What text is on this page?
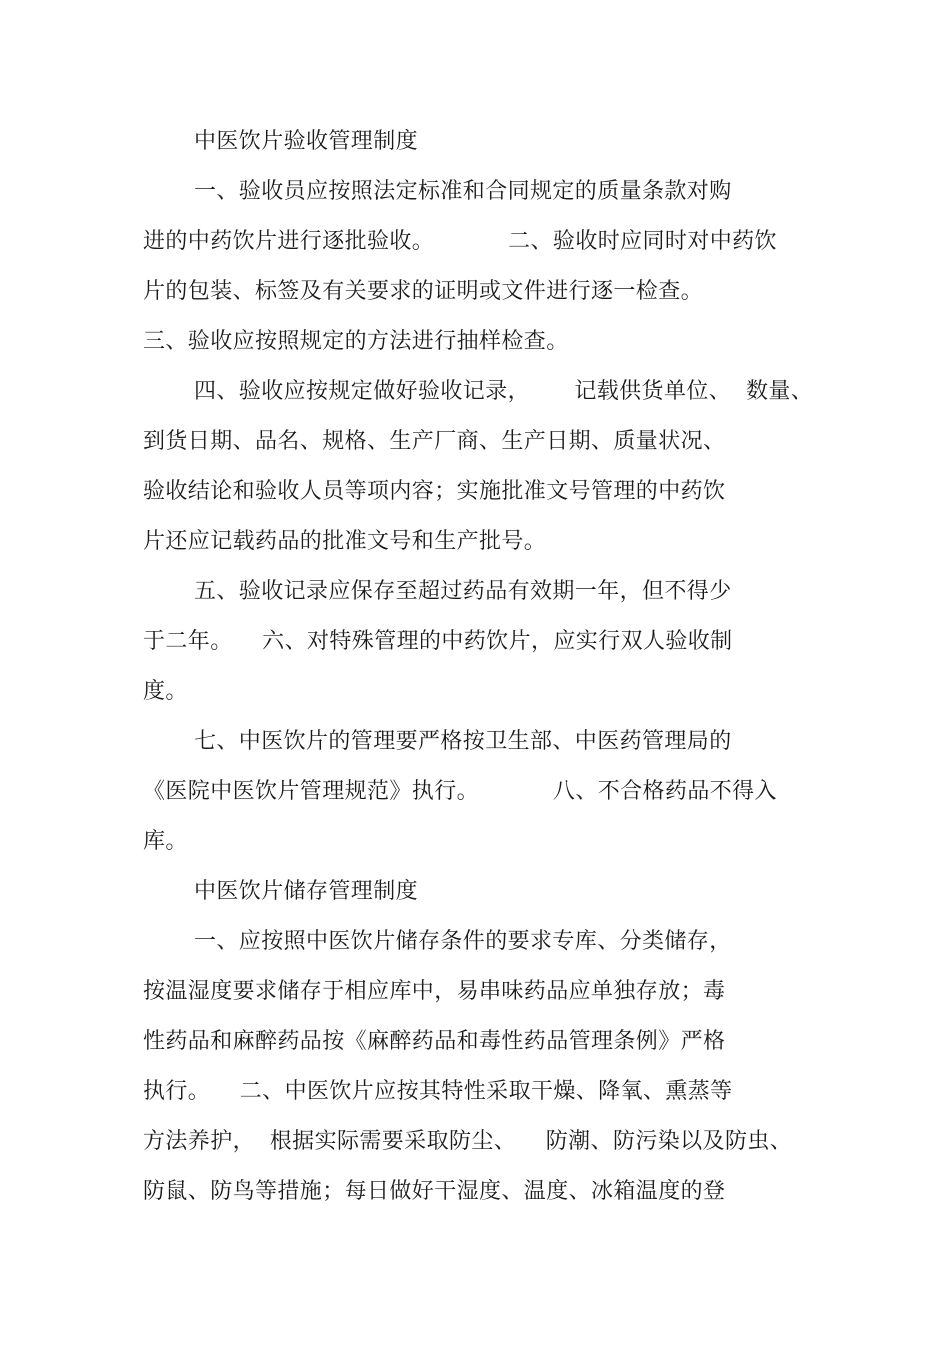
中医饮片验收管理制度
一、验收员应按照法定标准和合同规定的质量条款对购
进的中药饮片进行逐批验收。          二、验收时应同时对中药饮
片的包装、标签及有关要求的证明或文件进行逐一检查。
三、验收应按照规定的方法进行抽样检查。
四、验收应按规定做好验收记录，      记载供货单位、  数量、
到货日期、品名、规格、生产厂商、生产日期、质量状况、
验收结论和验收人员等项内容；实施批准文号管理的中药饮
片还应记载药品的批准文号和生产批号。
五、验收记录应保存至超过药品有效期一年，但不得少
于二年。    六、对特殊管理的中药饮片，应实行双人验收制
度。
七、中医饮片的管理要严格按卫生部、中医药管理局的
《医院中医饮片管理规范》执行。          八、不合格药品不得入
库。
中医饮片储存管理制度
一、应按照中医饮片储存条件的要求专库、分类储存，
按温湿度要求储存于相应库中，易串味药品应单独存放；毒
性药品和麻醉药品按《麻醉药品和毒性药品管理条例》严格
执行。    二、中医饮片应按其特性采取干燥、降氧、熏蒸等
方法养护，  根据实际需要采取防尘、    防潮、防污染以及防虫、
防鼠、防鸟等措施；每日做好干湿度、温度、冰箱温度的登
